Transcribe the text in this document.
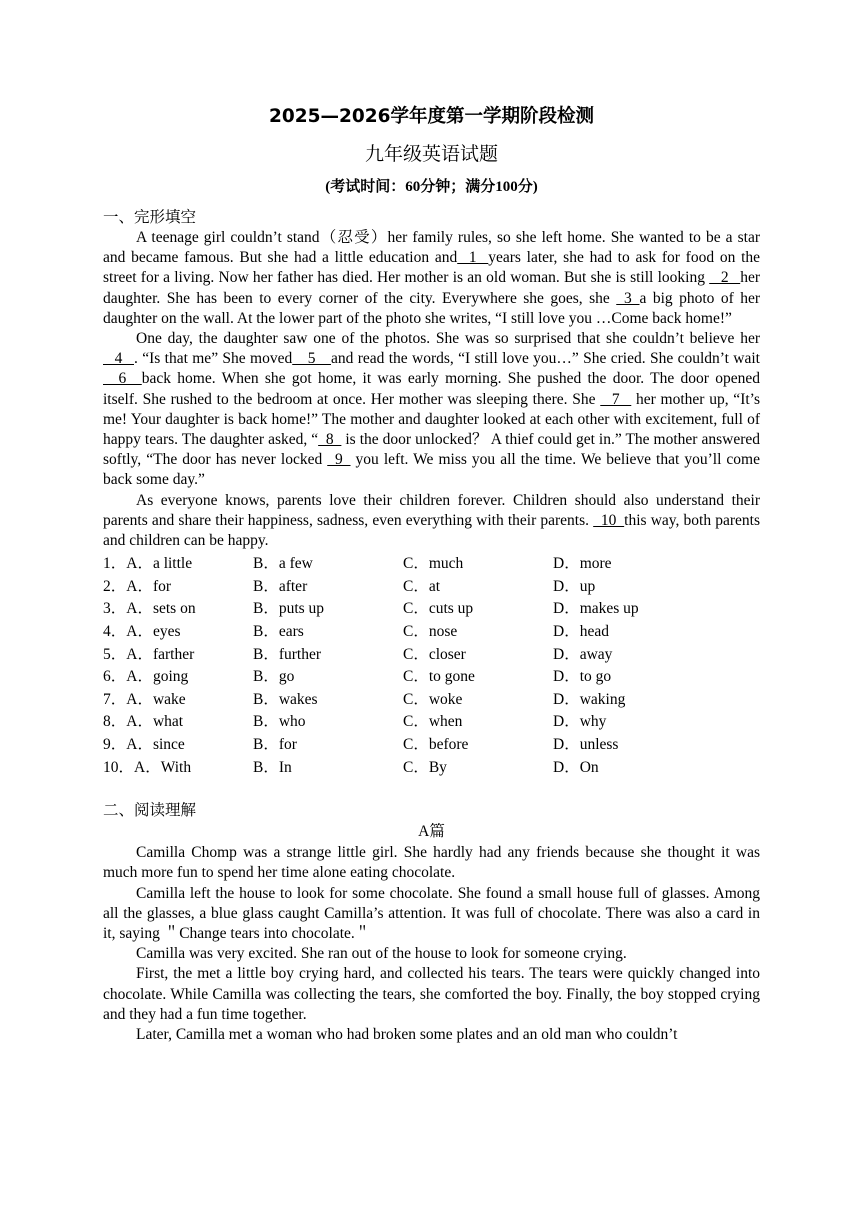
2025—2026学年度第一学期阶段检测
九年级英语试题
(考试时间：60分钟；满分100分)
一、完形填空

A teenage girl couldn’t stand（忍受）her family rules, so she left home. She wanted to be a star and became famous. But she had a little education and   1   years later, she had to ask for food on the street for a living. Now her father has died. Her mother is an old woman. But she is still looking    2   her daughter. She has been to every corner of the city. Everywhere she goes, she   3  a big photo of her daughter on the wall. At the lower part of the photo she writes, “I still love you …Come back home!”

One day, the daughter saw one of the photos. She was so surprised that she couldn’t believe her    4   . “Is that me” She moved    5    and read the words, “I still love you…” She cried. She couldn’t wait     6    back home. When she got home, it was early morning. She pushed the door. The door opened itself. She rushed to the bedroom at once. Her mother was sleeping there. She    7    her mother up, “It’s me! Your daughter is back home!” The mother and daughter looked at each other with excitement, full of happy tears. The daughter asked, “  8   is the door unlocked？ A thief could get in.” The mother answered softly, “The door has never locked   9   you left. We miss you all the time. We believe that you’ll come back some day.”

As everyone knows, parents love their children forever. Children should also understand their parents and share their happiness, sadness, even everything with their parents.   10  this way, both parents and children can be happy.

1．A．a little	B．a few	C．much	D．more
2．A．for	B．after	C．at	D．up
3．A．sets on	B．puts up	C．cuts up	D．makes up
4．A．eyes	B．ears	C．nose	D．head
5．A．farther	B．further	C．closer	D．away
6．A．going	B．go	C．to gone	D．to go
7．A．wake	B．wakes	C．woke	D．waking
8．A．what	B．who	C．when	D．why
9．A．since	B．for	C．before	D．unless
10．A．With	B．In	C．By	D．On
二、阅读理解
A篇

Camilla Chomp was a strange little girl. She hardly had any friends because she thought it was much more fun to spend her time alone eating chocolate.

Camilla left the house to look for some chocolate. She found a small house full of glasses. Among all the glasses, a blue glass caught Camilla’s attention. It was full of chocolate. There was also a card in it, saying ＂Change tears into chocolate.＂

Camilla was very excited. She ran out of the house to look for someone crying.

First, the met a little boy crying hard, and collected his tears. The tears were quickly changed into chocolate. While Camilla was collecting the tears, she comforted the boy. Finally, the boy stopped crying and they had a fun time together.

Later, Camilla met a woman who had broken some plates and an old man who couldn’t
